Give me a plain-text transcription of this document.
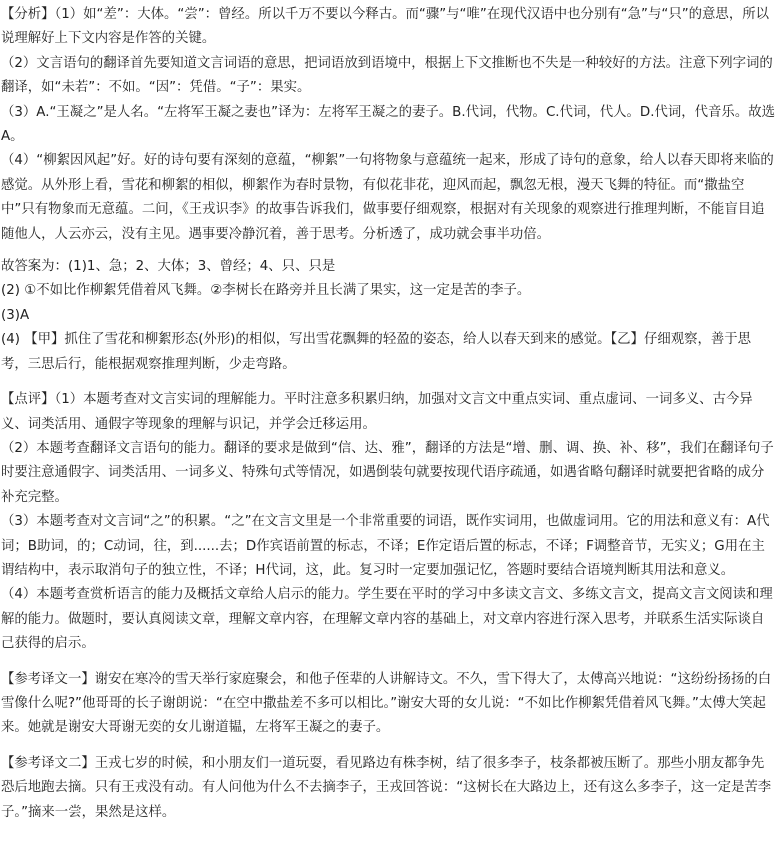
【分析】（1）如“差”：大体。“尝”：曾经。所以千万不要以今释古。而“骤”与“唯”在现代汉语中也分别有“急”与“只”的意思，所以说理解好上下文内容是作答的关键。

（2）文言语句的翻译首先要知道文言词语的意思，把词语放到语境中，根据上下文推断也不失是一种较好的方法。注意下列字词的翻译，如“未若”：不如。“因”：凭借。“子”：果实。

（3）A.“王凝之”是人名。“左将军王凝之妻也”译为：左将军王凝之的妻子。B.代词，代物。C.代词，代人。D.代词，代音乐。故选A。

（4）“柳絮因风起”好。好的诗句要有深刻的意蕴，“柳絮”一句将物象与意蕴统一起来，形成了诗句的意象，给人以春天即将来临的感觉。从外形上看，雪花和柳絮的相似，柳絮作为春时景物，有似花非花，迎风而起，飘忽无根，漫天飞舞的特征。而“撒盐空中”只有物象而无意蕴。二问，《王戎识李》的故事告诉我们，做事要仔细观察，根据对有关现象的观察进行推理判断，不能盲目追随他人，人云亦云，没有主见。遇事要冷静沉着，善于思考。分析透了，成功就会事半功倍。

故答案为：(1)1、急；2、大体；3、曾经；4、只、只是

(2) ①不如比作柳絮凭借着风飞舞。②李树长在路旁并且长满了果实，这一定是苦的李子。

(3)A

(4) 【甲】抓住了雪花和柳絮形态(外形)的相似，写出雪花飘舞的轻盈的姿态，给人以春天到来的感觉。【乙】仔细观察，善于思考，三思后行，能根据观察推理判断，少走弯路。

【点评】（1）本题考查对文言实词的理解能力。平时注意多积累归纳，加强对文言文中重点实词、重点虚词、一词多义、古今异义、词类活用、通假字等现象的理解与识记，并学会迁移运用。

（2）本题考查翻译文言语句的能力。翻译的要求是做到“信、达、雅”，翻译的方法是“增、删、调、换、补、移”，我们在翻译句子时要注意通假字、词类活用、一词多义、特殊句式等情况，如遇倒装句就要按现代语序疏通，如遇省略句翻译时就要把省略的成分补充完整。

（3）本题考查对文言词“之”的积累。“之”在文言文里是一个非常重要的词语，既作实词用，也做虚词用。它的用法和意义有：A代词；B助词，的；C动词，往，到......去；D作宾语前置的标志，不译；E作定语后置的标志，不译；F调整音节，无实义；G用在主谓结构中，表示取消句子的独立性，不译；H代词，这，此。复习时一定要加强记忆，答题时要结合语境判断其用法和意义。

（4）本题考查赏析语言的能力及概括文章给人启示的能力。学生要在平时的学习中多读文言文、多练文言文，提高文言文阅读和理解的能力。做题时，要认真阅读文章，理解文章内容，在理解文章内容的基础上，对文章内容进行深入思考，并联系生活实际谈自己获得的启示。

【参考译文一】谢安在寒冷的雪天举行家庭聚会，和他子侄辈的人讲解诗文。不久，雪下得大了，太傅高兴地说：“这纷纷扬扬的白雪像什么呢?”他哥哥的长子谢朗说：“在空中撒盐差不多可以相比。”谢安大哥的女儿说：“不如比作柳絮凭借着风飞舞。”太傅大笑起来。她就是谢安大哥谢无奕的女儿谢道韫，左将军王凝之的妻子。

【参考译文二】王戎七岁的时候，和小朋友们一道玩耍，看见路边有株李树，结了很多李子，枝条都被压断了。那些小朋友都争先恐后地跑去摘。只有王戎没有动。有人问他为什么不去摘李子，王戎回答说：“这树长在大路边上，还有这么多李子，这一定是苦李子。”摘来一尝，果然是这样。
